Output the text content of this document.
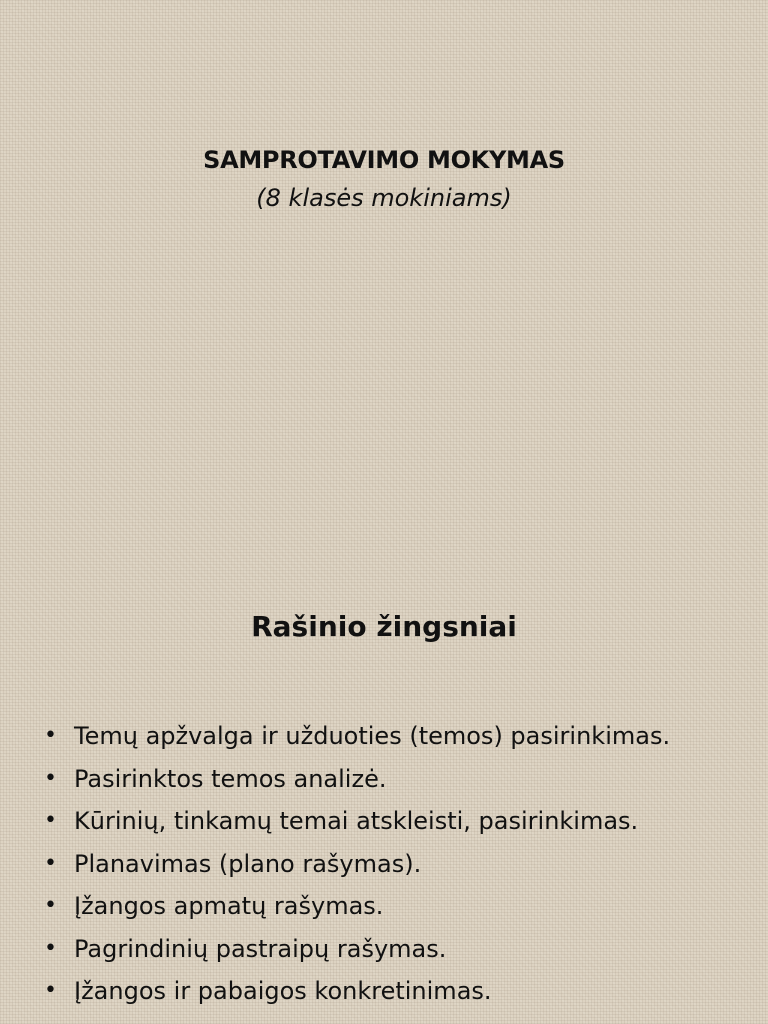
SAMPROTAVIMO MOKYMAS
(8 klasės mokiniams)
Rašinio žingsniai
• Temų apžvalga ir užduoties (temos) pasirinkimas.
• Pasirinktos temos analizė.
• Kūrinių, tinkamų temai atskleisti, pasirinkimas.
• Planavimas (plano rašymas).
• Įžangos apmatų rašymas.
• Pagrindinių pastraipų rašymas.
• Įžangos ir pabaigos konkretinimas.
